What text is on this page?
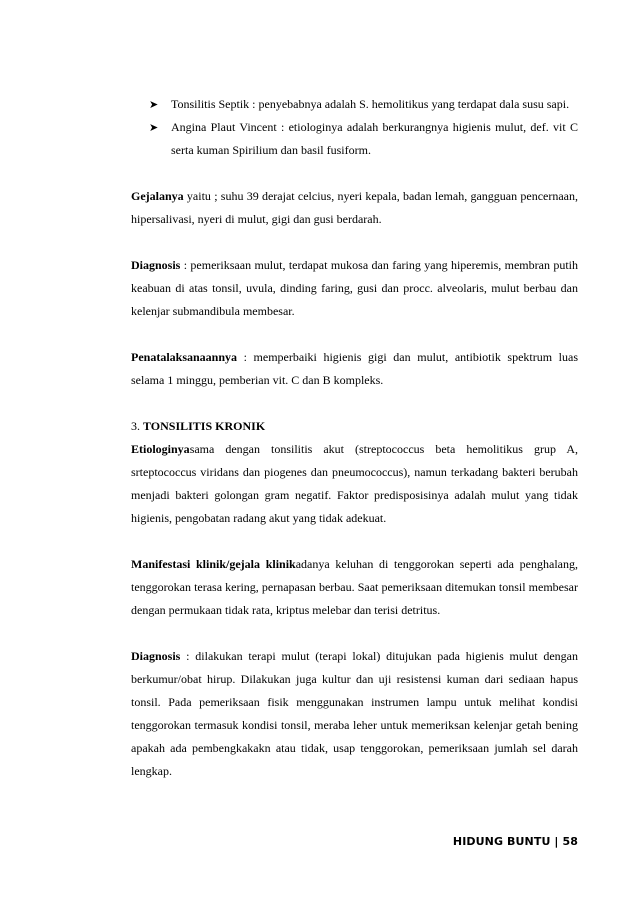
➤ Tonsilitis Septik : penyebabnya adalah S. hemolitikus yang terdapat dala susu sapi.
➤ Angina Plaut Vincent : etiologinya adalah berkurangnya higienis mulut, def. vit C serta kuman Spirilium dan basil fusiform.

Gejalanya yaitu ; suhu 39 derajat celcius, nyeri kepala, badan lemah, gangguan pencernaan, hipersalivasi, nyeri di mulut, gigi dan gusi berdarah.

Diagnosis : pemeriksaan mulut, terdapat mukosa dan faring yang hiperemis, membran putih keabuan di atas tonsil, uvula, dinding faring, gusi dan procc. alveolaris, mulut berbau dan kelenjar submandibula membesar.

Penatalaksanaannya : memperbaiki higienis gigi dan mulut, antibiotik spektrum luas selama 1 minggu, pemberian vit. C dan B kompleks.

3. TONSILITIS KRONIK

Etiologinyasama dengan tonsilitis akut (streptococcus beta hemolitikus grup A, srteptococcus viridans dan piogenes dan pneumococcus), namun terkadang bakteri berubah menjadi bakteri golongan gram negatif. Faktor predisposisinya adalah mulut yang tidak higienis, pengobatan radang akut yang tidak adekuat.

Manifestasi klinik/gejala klinikadanya keluhan di tenggorokan seperti ada penghalang, tenggorokan terasa kering, pernapasan berbau. Saat pemeriksaan ditemukan tonsil membesar dengan permukaan tidak rata, kriptus melebar dan terisi detritus.

Diagnosis : dilakukan terapi mulut (terapi lokal) ditujukan pada higienis mulut dengan berkumur/obat hirup. Dilakukan juga kultur dan uji resistensi kuman dari sediaan hapus tonsil. Pada pemeriksaan fisik menggunakan instrumen lampu untuk melihat kondisi tenggorokan termasuk kondisi tonsil, meraba leher untuk memeriksan kelenjar getah bening apakah ada pembengkakakn atau tidak, usap tenggorokan, pemeriksaan jumlah sel darah lengkap.

HIDUNG BUNTU | 58
